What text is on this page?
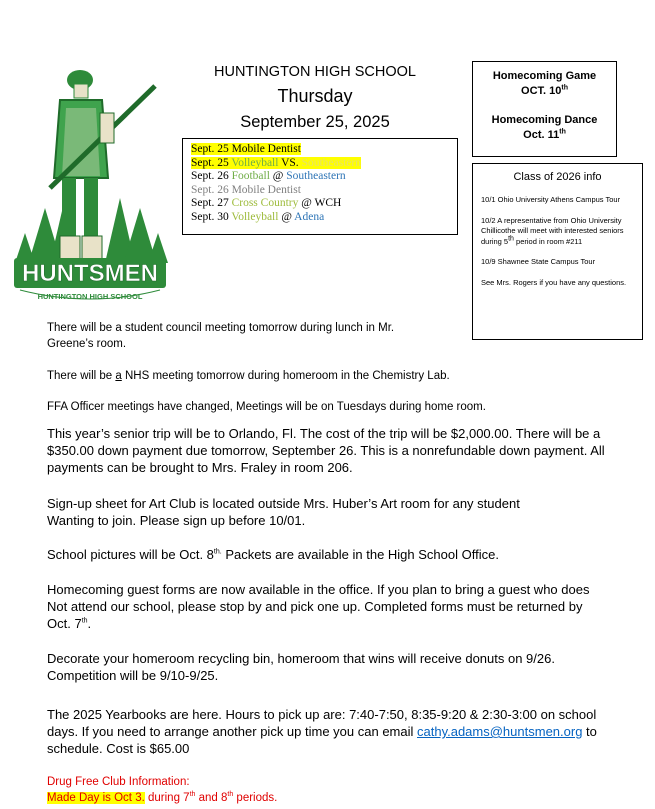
HUNTSMEN
HUNTINGTON HIGH SCHOOL
HUNTINGTON HIGH SCHOOL
Thursday
September 25, 2025
Sept. 25 Mobile Dentist
Sept. 25 Volleyball VS. Southeastern
Sept. 26 Football @ Southeastern
Sept. 26 Mobile Dentist
Sept. 27 Cross Country @ WCH
Sept. 30 Volleyball @ Adena
Homecoming Game
OCT. 10th
Homecoming Dance
Oct. 11th
Class of 2026 info
10/1 Ohio University Athens Campus Tour
10/2 A representative from Ohio University Chillicothe will meet with interested seniors during 5th period in room #211
10/9 Shawnee State Campus Tour
See Mrs. Rogers if you have any questions.
There will be a student council meeting tomorrow during lunch in Mr. Greene’s room.
There will be a NHS meeting tomorrow during homeroom in the Chemistry Lab.
FFA Officer meetings have changed, Meetings will be on Tuesdays during home room.
This year’s senior trip will be to Orlando, Fl. The cost of the trip will be $2,000.00. There will be a $350.00 down payment due tomorrow, September 26. This is a nonrefundable down payment. All payments can be brought to Mrs. Fraley in room 206.
Sign-up sheet for Art Club is located outside Mrs. Huber’s Art room for any student
Wanting to join. Please sign up before 10/01.
School pictures will be Oct. $8^{th.}$ Packets are available in the High School Office.
Homecoming guest forms are now available in the office. If you plan to bring a guest who does Not attend our school, please stop by and pick one up. Completed forms must be returned by Oct. 7th.
Decorate your homeroom recycling bin, homeroom that wins will receive donuts on 9/26. Competition will be 9/10-9/25.
The 2025 Yearbooks are here. Hours to pick up are: 7:40-7:50, 8:35-9:20 & 2:30-3:00 on school days. If you need to arrange another pick up time you can email cathy.adams@huntsmen.org to schedule. Cost is $65.00
Drug Free Club Information:
Made Day is Oct 3. during 7th and 8th periods.
